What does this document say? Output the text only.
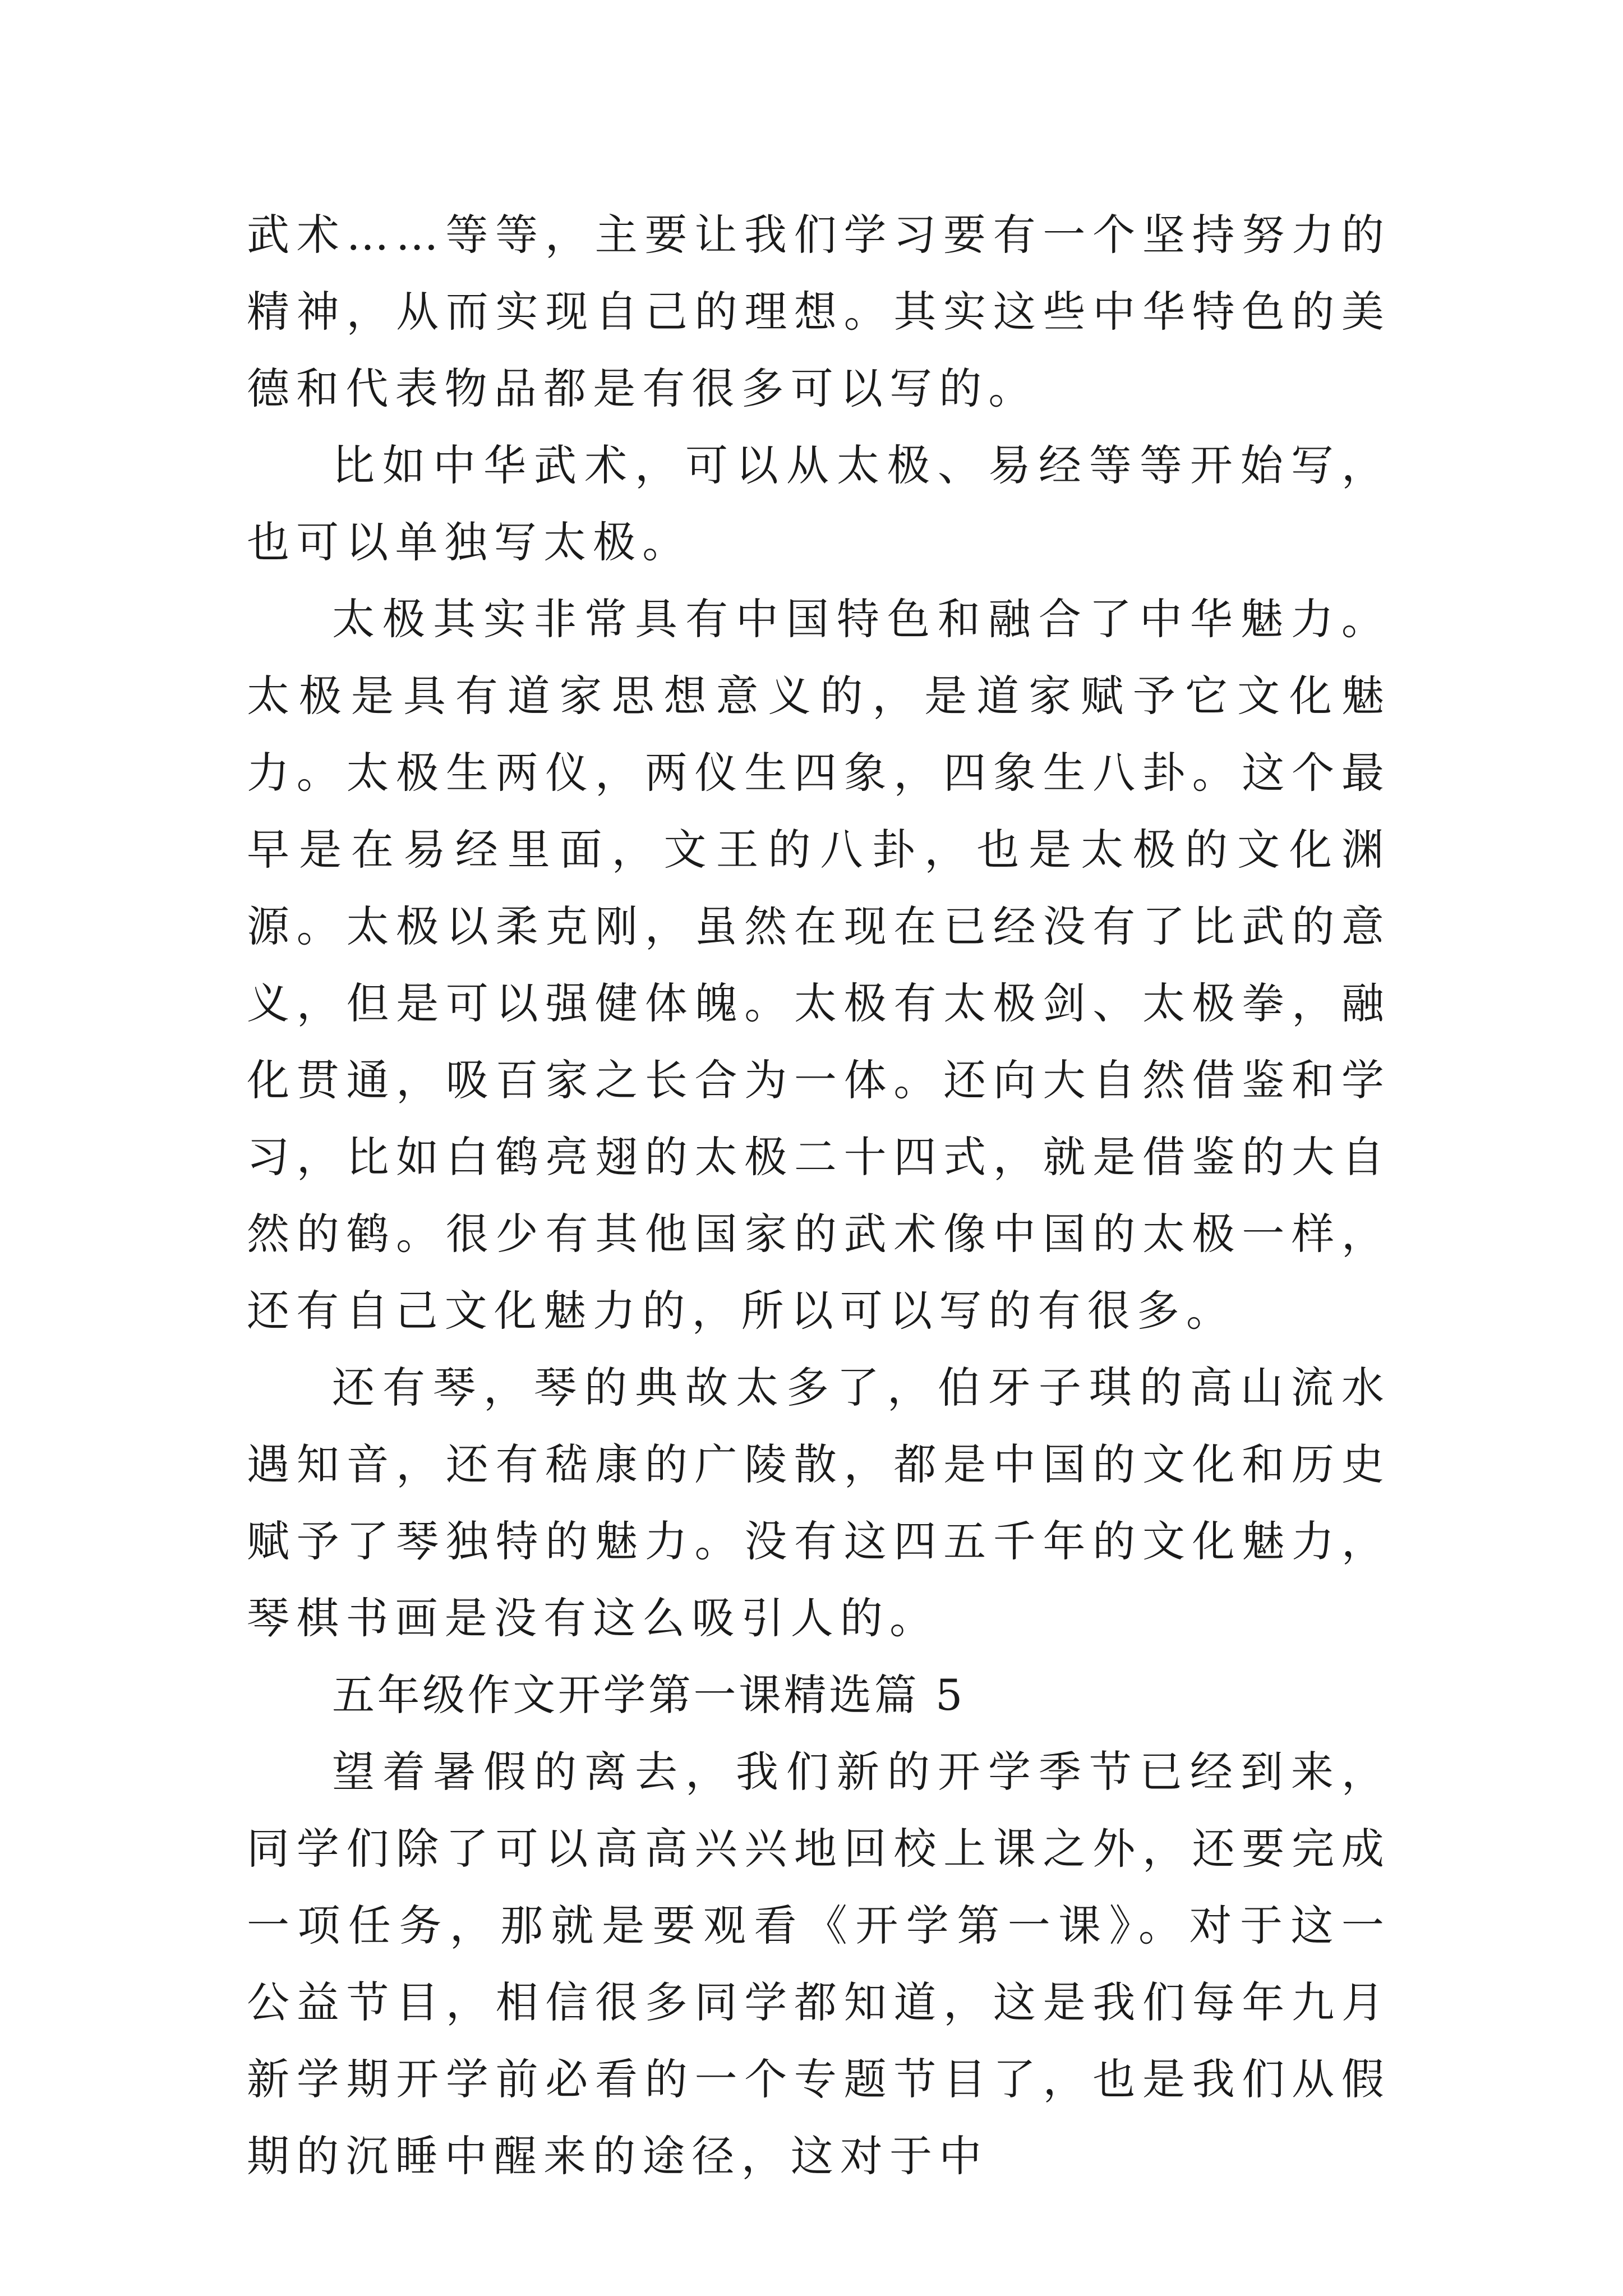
武术……等等，主要让我们学习要有一个坚持努力的精神，从而实现自己的理想。其实这些中华特色的美德和代表物品都是有很多可以写的。

比如中华武术，可以从太极、易经等等开始写，也可以单独写太极。

太极其实非常具有中国特色和融合了中华魅力。太极是具有道家思想意义的，是道家赋予它文化魅力。太极生两仪，两仪生四象，四象生八卦。这个最早是在易经里面，文王的八卦，也是太极的文化渊源。太极以柔克刚，虽然在现在已经没有了比武的意义，但是可以强健体魄。太极有太极剑、太极拳，融化贯通，吸百家之长合为一体。还向大自然借鉴和学习，比如白鹤亮翅的太极二十四式，就是借鉴的大自然的鹤。很少有其他国家的武术像中国的太极一样，还有自己文化魅力的，所以可以写的有很多。

还有琴，琴的典故太多了，伯牙子琪的高山流水遇知音，还有嵇康的广陵散，都是中国的文化和历史赋予了琴独特的魅力。没有这四五千年的文化魅力，琴棋书画是没有这么吸引人的。

五年级作文开学第一课精选篇 5

望着暑假的离去，我们新的开学季节已经到来，同学们除了可以高高兴兴地回校上课之外，还要完成一项任务，那就是要观看《开学第一课》。对于这一公益节目，相信很多同学都知道，这是我们每年九月新学期开学前必看的一个专题节目了，也是我们从假期的沉睡中醒来的途径，这对于中
